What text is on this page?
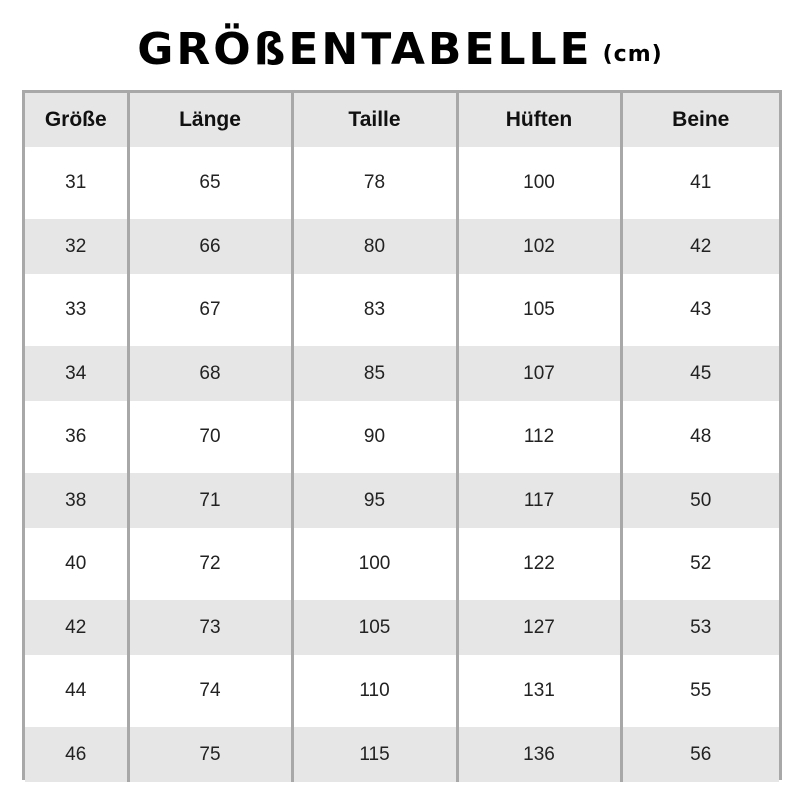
GRÖßENTABELLE (cm)
Größe	Länge	Taille	Hüften	Beine
31	65	78	100	41
32	66	80	102	42
33	67	83	105	43
34	68	85	107	45
36	70	90	112	48
38	71	95	117	50
40	72	100	122	52
42	73	105	127	53
44	74	110	131	55
46	75	115	136	56
